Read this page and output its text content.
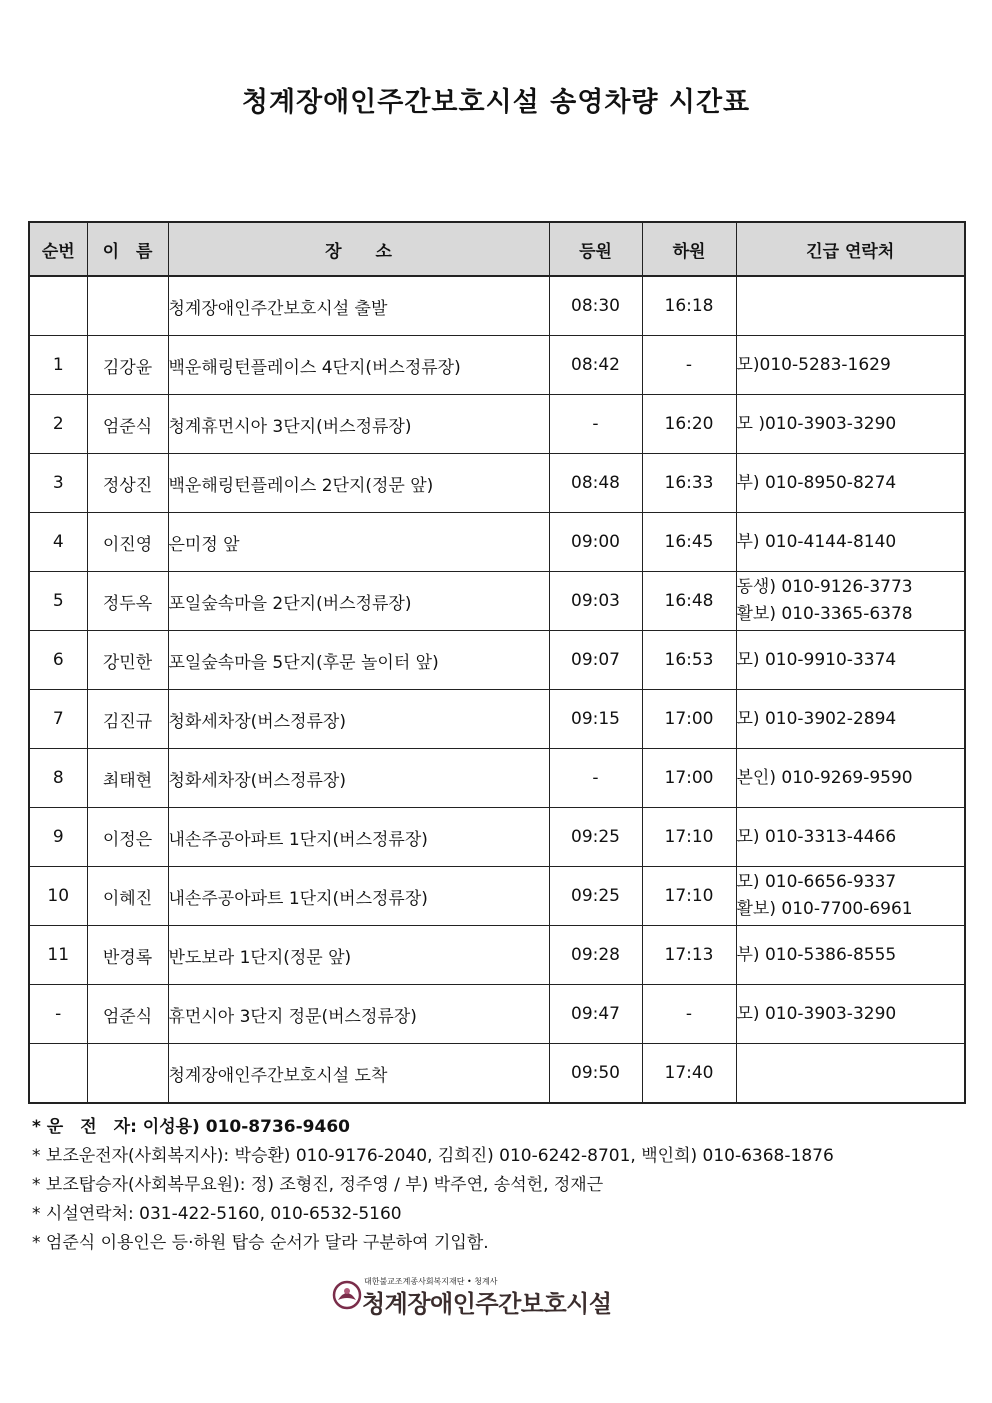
청계장애인주간보호시설 송영차량 시간표
순번	이　름	장　　소	등원	하원	긴급 연락처
		청계장애인주간보호시설 출발	08:30	16:18	
1	김강윤	백운해링턴플레이스 4단지(버스정류장)	08:42	-	모)010-5283-1629

2	엄준식	청계휴먼시아 3단지(버스정류장)	-	16:20	모 )010-3903-3290

3	정상진	백운해링턴플레이스 2단지(정문 앞)	08:48	16:33	부) 010-8950-8274

4	이진영	은미정 앞	09:00	16:45	부) 010-4144-8140

5	정두옥	포일숲속마을 2단지(버스정류장)	09:03	16:48	동생) 010-9126-3773
활보) 010-3365-6378

6	강민한	포일숲속마을 5단지(후문 놀이터 앞)	09:07	16:53	모) 010-9910-3374

7	김진규	청화세차장(버스정류장)	09:15	17:00	모) 010-3902-2894

8	최태현	청화세차장(버스정류장)	-	17:00	본인) 010-9269-9590

9	이정은	내손주공아파트 1단지(버스정류장)	09:25	17:10	모) 010-3313-4466

10	이혜진	내손주공아파트 1단지(버스정류장)	09:25	17:10	모) 010-6656-9337
활보) 010-7700-6961

11	반경록	반도보라 1단지(정문 앞)	09:28	17:13	부) 010-5386-8555

-	엄준식	휴먼시아 3단지 정문(버스정류장)	09:47	-	모) 010-3903-3290

		청계장애인주간보호시설 도착	09:50	17:40	
* 운　전　자: 이성용) 010-8736-9460
* 보조운전자(사회복지사): 박승환) 010-9176-2040, 김희진) 010-6242-8701, 백인희) 010-6368-1876
* 보조탑승자(사회복무요원): 정) 조형진, 정주영 / 부) 박주연, 송석헌, 정재근
* 시설연락처: 031-422-5160, 010-6532-5160
* 엄준식 이용인은 등·하원 탑승 순서가 달라 구분하여 기입함.
대한불교조계종사회복지재단 • 청계사
청계장애인주간보호시설
